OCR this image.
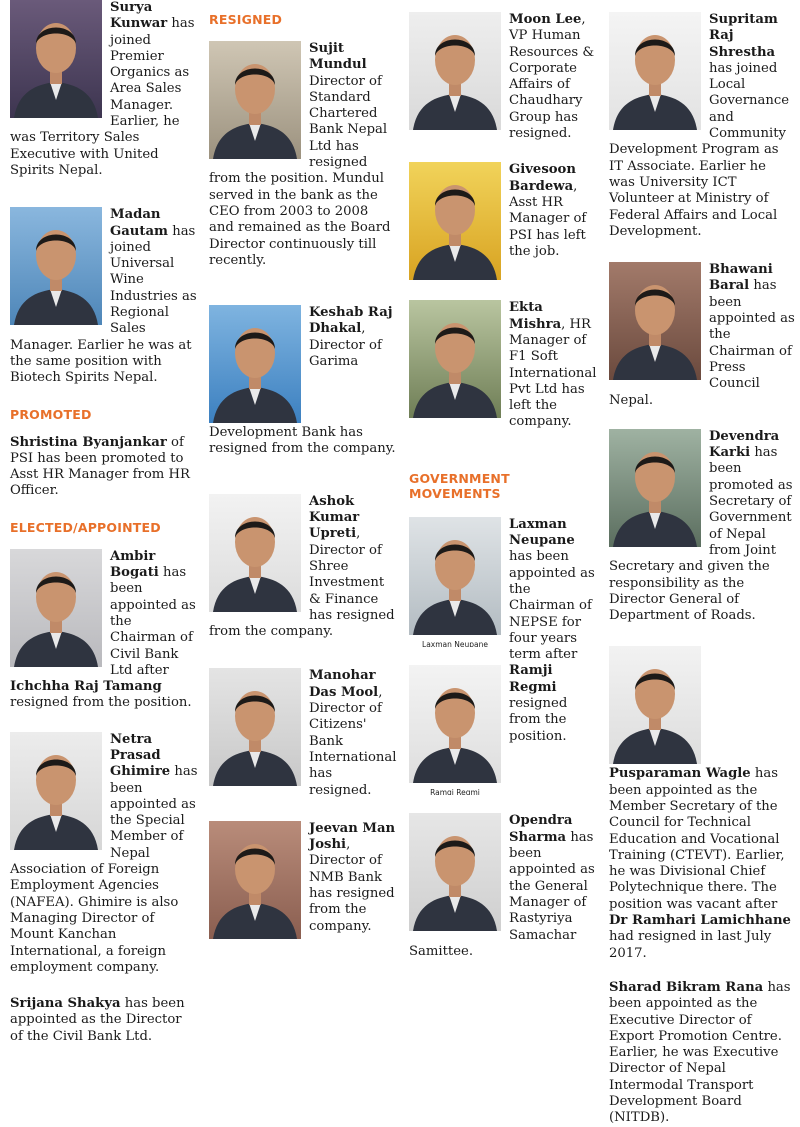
Surya Kunwar has joined Premier Organics as Area Sales Manager. Earlier, he was Territory Sales Executive with United Spirits Nepal.
Madan Gautam has joined Universal Wine Industries as Regional Sales Manager. Earlier he was at the same position with Biotech Spirits Nepal.
PROMOTED
Shristina Byanjankar of PSI has been promoted to Asst HR Manager from HR Officer.
ELECTED/APPOINTED
Ambir Bogati has been appointed as the Chairman of Civil Bank Ltd after Ichchha Raj Tamang resigned from the position.
Netra Prasad Ghimire has been appointed as the Special Member of Nepal Association of Foreign Employment Agencies (NAFEA). Ghimire is also Managing Director of Mount Kanchan International, a foreign employment company.
Srijana Shakya has been appointed as the Director of the Civil Bank Ltd.
RESIGNED
Sujit Mundul Director of Standard Chartered Bank Nepal Ltd has resigned from the position. Mundul served in the bank as the CEO from 2003 to 2008 and remained as the Board Director continuously till recently.
Keshab Raj Dhakal, Director of Garima Development Bank has resigned from the company.
Ashok Kumar Upreti, Director of Shree Investment & Finance has resigned from the company.
Manohar Das Mool, Director of Citizens' Bank International has resigned.
Jeevan Man Joshi, Director of NMB Bank has resigned from the company.
Moon Lee, VP Human Resources & Corporate Affairs of Chaudhary Group has resigned.
Givesoon Bardewa, Asst HR Manager of PSI has left the job.
Ekta Mishra, HR Manager of F1 Soft International Pvt Ltd has left the company.
GOVERNMENT MOVEMENTS
Laxman Neupane
Laxman Neupane has been appointed as the Chairman of NEPSE for four years term after
Ramgi Regmi
Ramji Regmi resigned from the position.
Opendra Sharma has been appointed as the General Manager of Rastyriya Samachar Samittee.
Supritam Raj Shrestha has joined Local Governance and Community Development Program as IT Associate. Earlier he was University ICT Volunteer at Ministry of Federal Affairs and Local Development.
Bhawani Baral has been appointed as the Chairman of Press Council Nepal.
Devendra Karki has been promoted as Secretary of Government of Nepal from Joint Secretary and given the responsibility as the Director General of Department of Roads.
Pusparaman Wagle has been appointed as the Member Secretary of the Council for Technical Education and Vocational Training (CTEVT). Earlier, he was Divisional Chief Polytechnique there. The position was vacant after Dr Ramhari Lamichhane had resigned in last July 2017.
Sharad Bikram Rana has been appointed as the Executive Director of Export Promotion Centre. Earlier, he was Executive Director of Nepal Intermodal Transport Development Board (NITDB).
